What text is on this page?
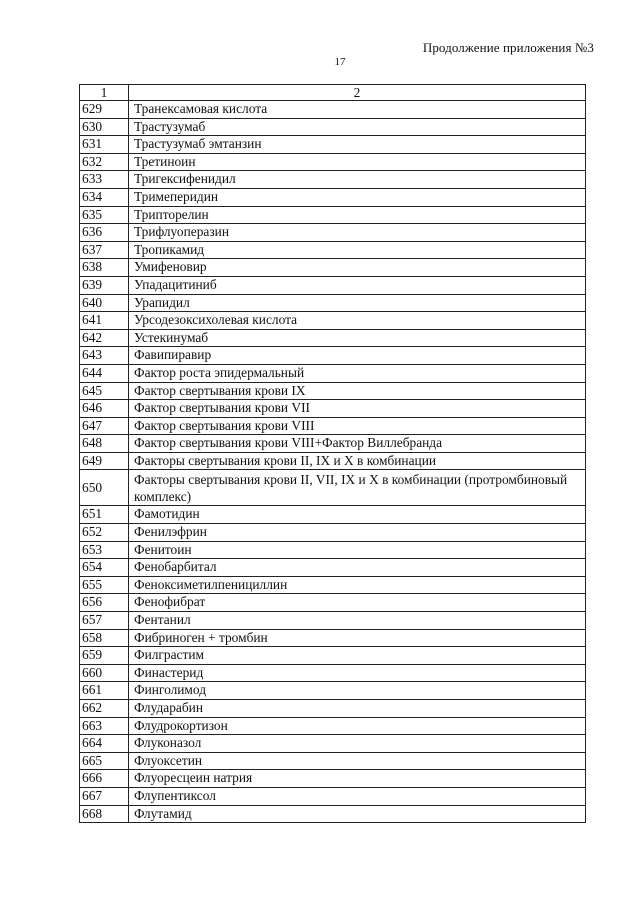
Продолжение приложения №3
17
1	2
629	Транексамовая кислота
630	Трастузумаб
631	Трастузумаб эмтанзин
632	Третиноин
633	Тригексифенидил
634	Тримеперидин
635	Трипторелин
636	Трифлуоперазин
637	Тропикамид
638	Умифеновир
639	Упадацитиниб
640	Урапидил
641	Урсодезоксихолевая кислота
642	Устекинумаб
643	Фавипиравир
644	Фактор роста эпидермальный
645	Фактор свертывания крови IX
646	Фактор свертывания крови VII
647	Фактор свертывания крови VIII
648	Фактор свертывания крови VIII+Фактор Виллебранда
649	Факторы свертывания крови II, IX и X в комбинации
650	Факторы свертывания крови II, VII, IX и X в комбинации (протромбиновый комплекс)
651	Фамотидин
652	Фенилэфрин
653	Фенитоин
654	Фенобарбитал
655	Феноксиметилпенициллин
656	Фенофибрат
657	Фентанил
658	Фибриноген + тромбин
659	Филграстим
660	Финастерид
661	Финголимод
662	Флударабин
663	Флудрокортизон
664	Флуконазол
665	Флуоксетин
666	Флуоресцеин натрия
667	Флупентиксол
668	Флутамид
